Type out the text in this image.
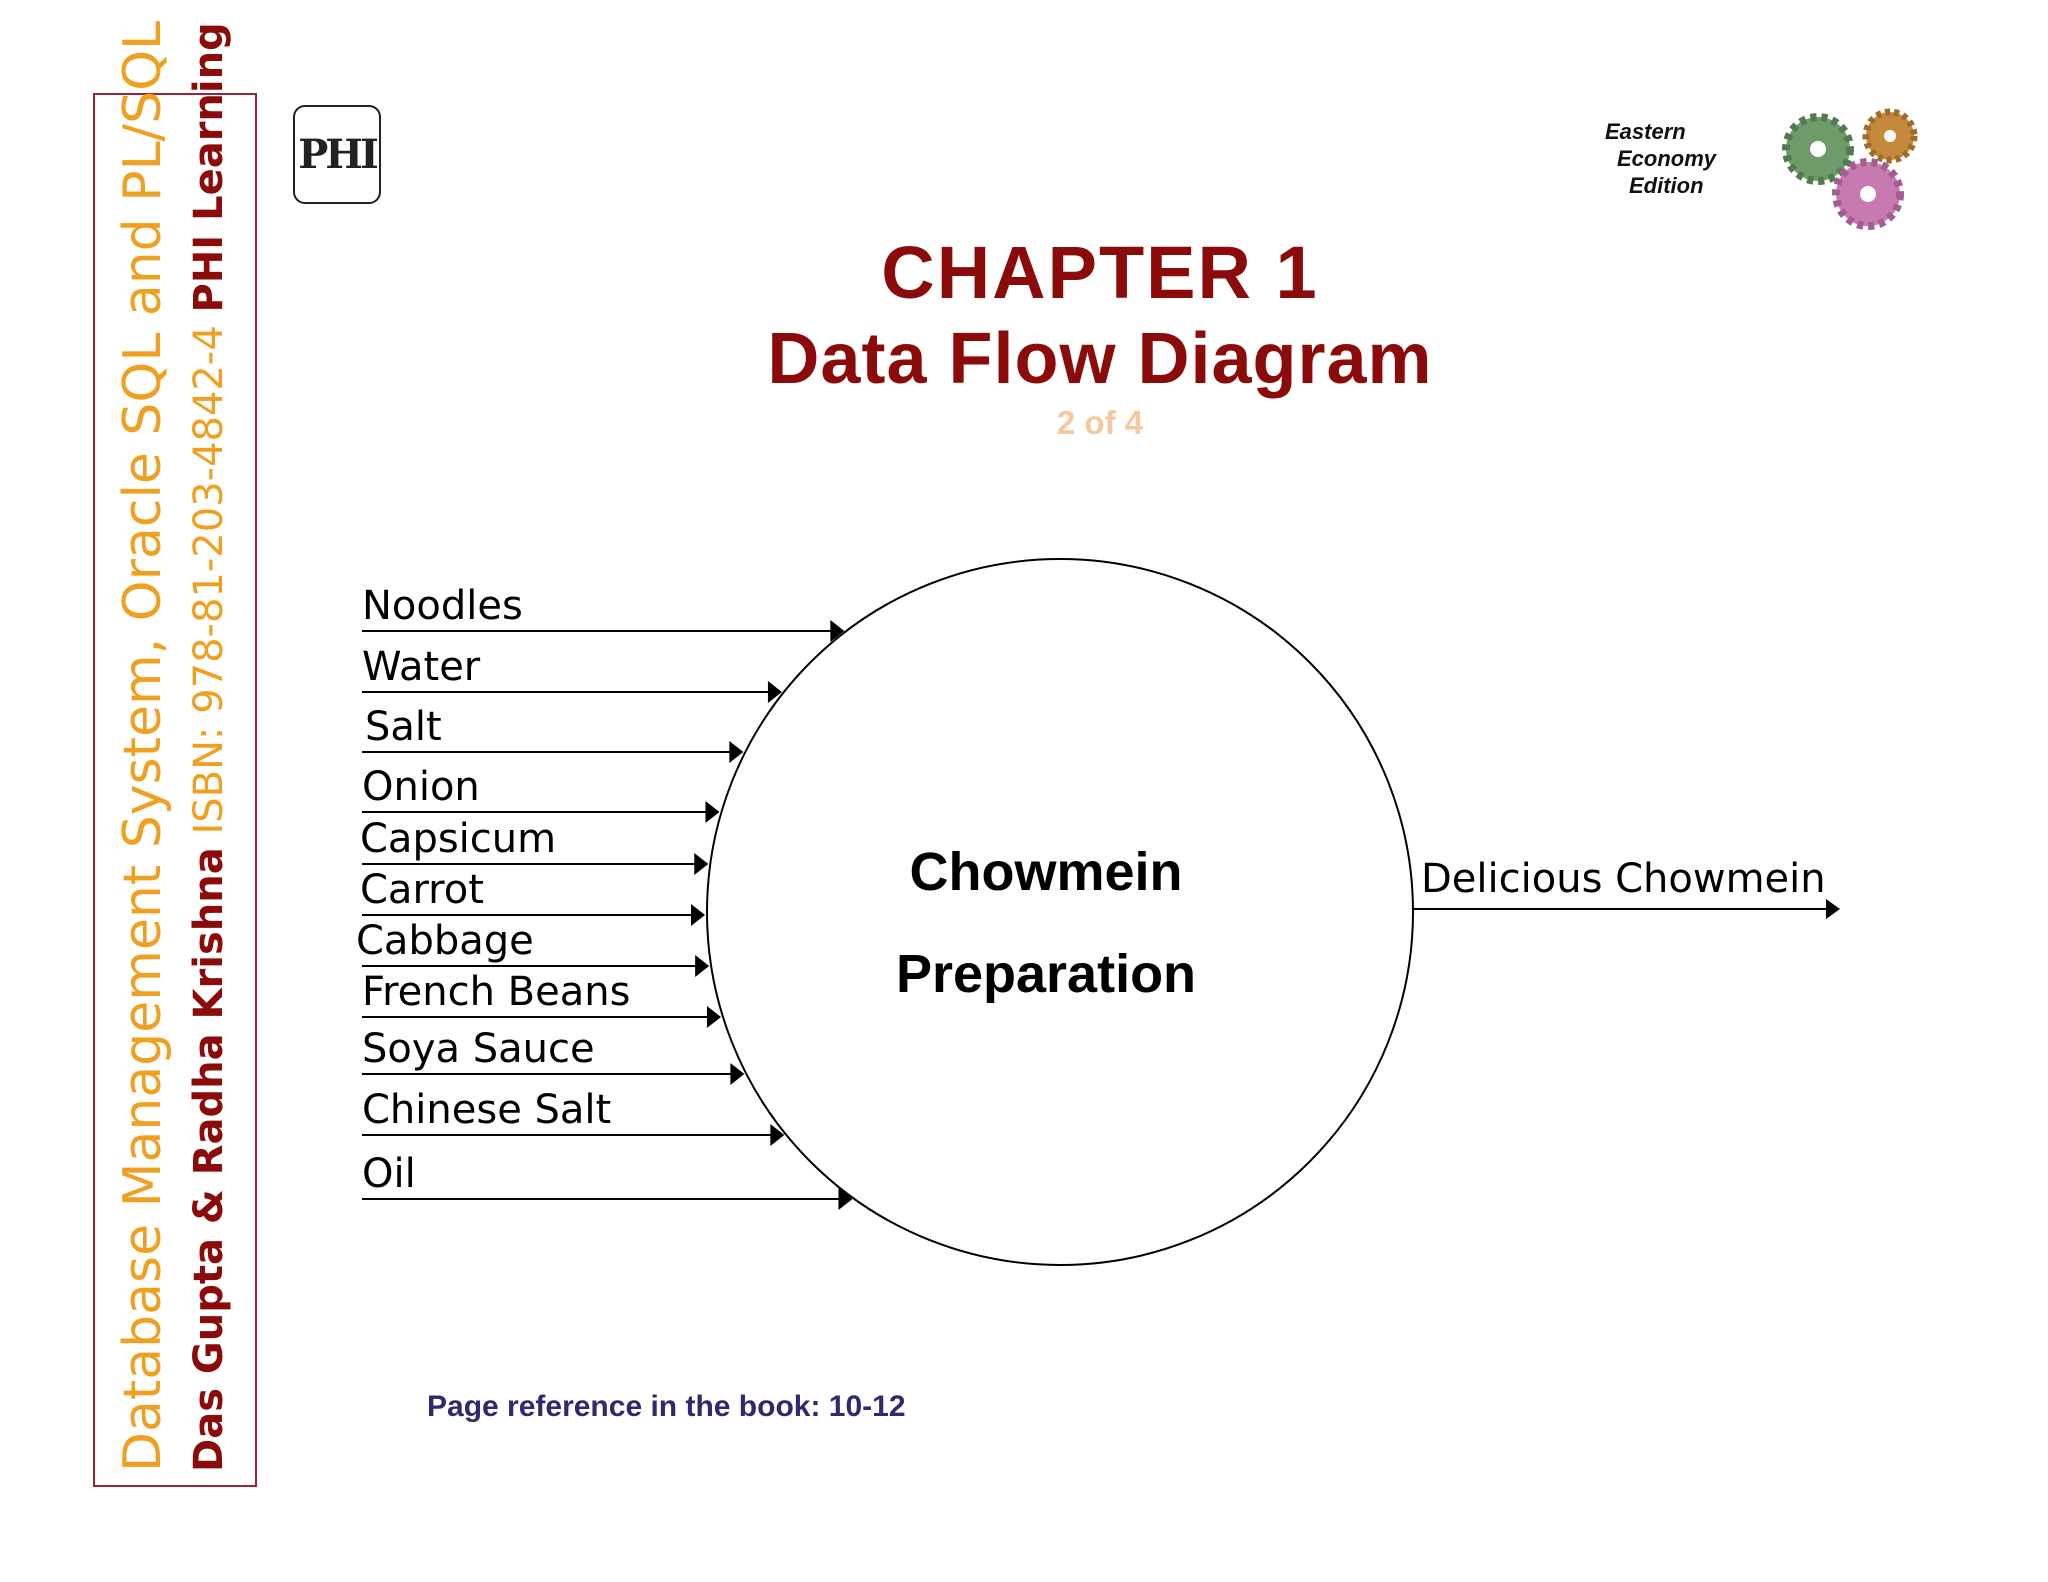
Database Management System, Oracle SQL and PL/SQL Das Gupta & Radha Krishna ISBN: 978-81-203-4842-4 PHI Learning PHI	Eastern
Economy
Edition
CHAPTER 1
Data Flow Diagram
2 of 4
Chowmein
Preparation
Noodles
Water
Salt
Onion
Capsicum
Carrot
Cabbage
French Beans
Soya Sauce
Chinese Salt
Oil
Delicious Chowmein
Page reference in the book: 10-12
